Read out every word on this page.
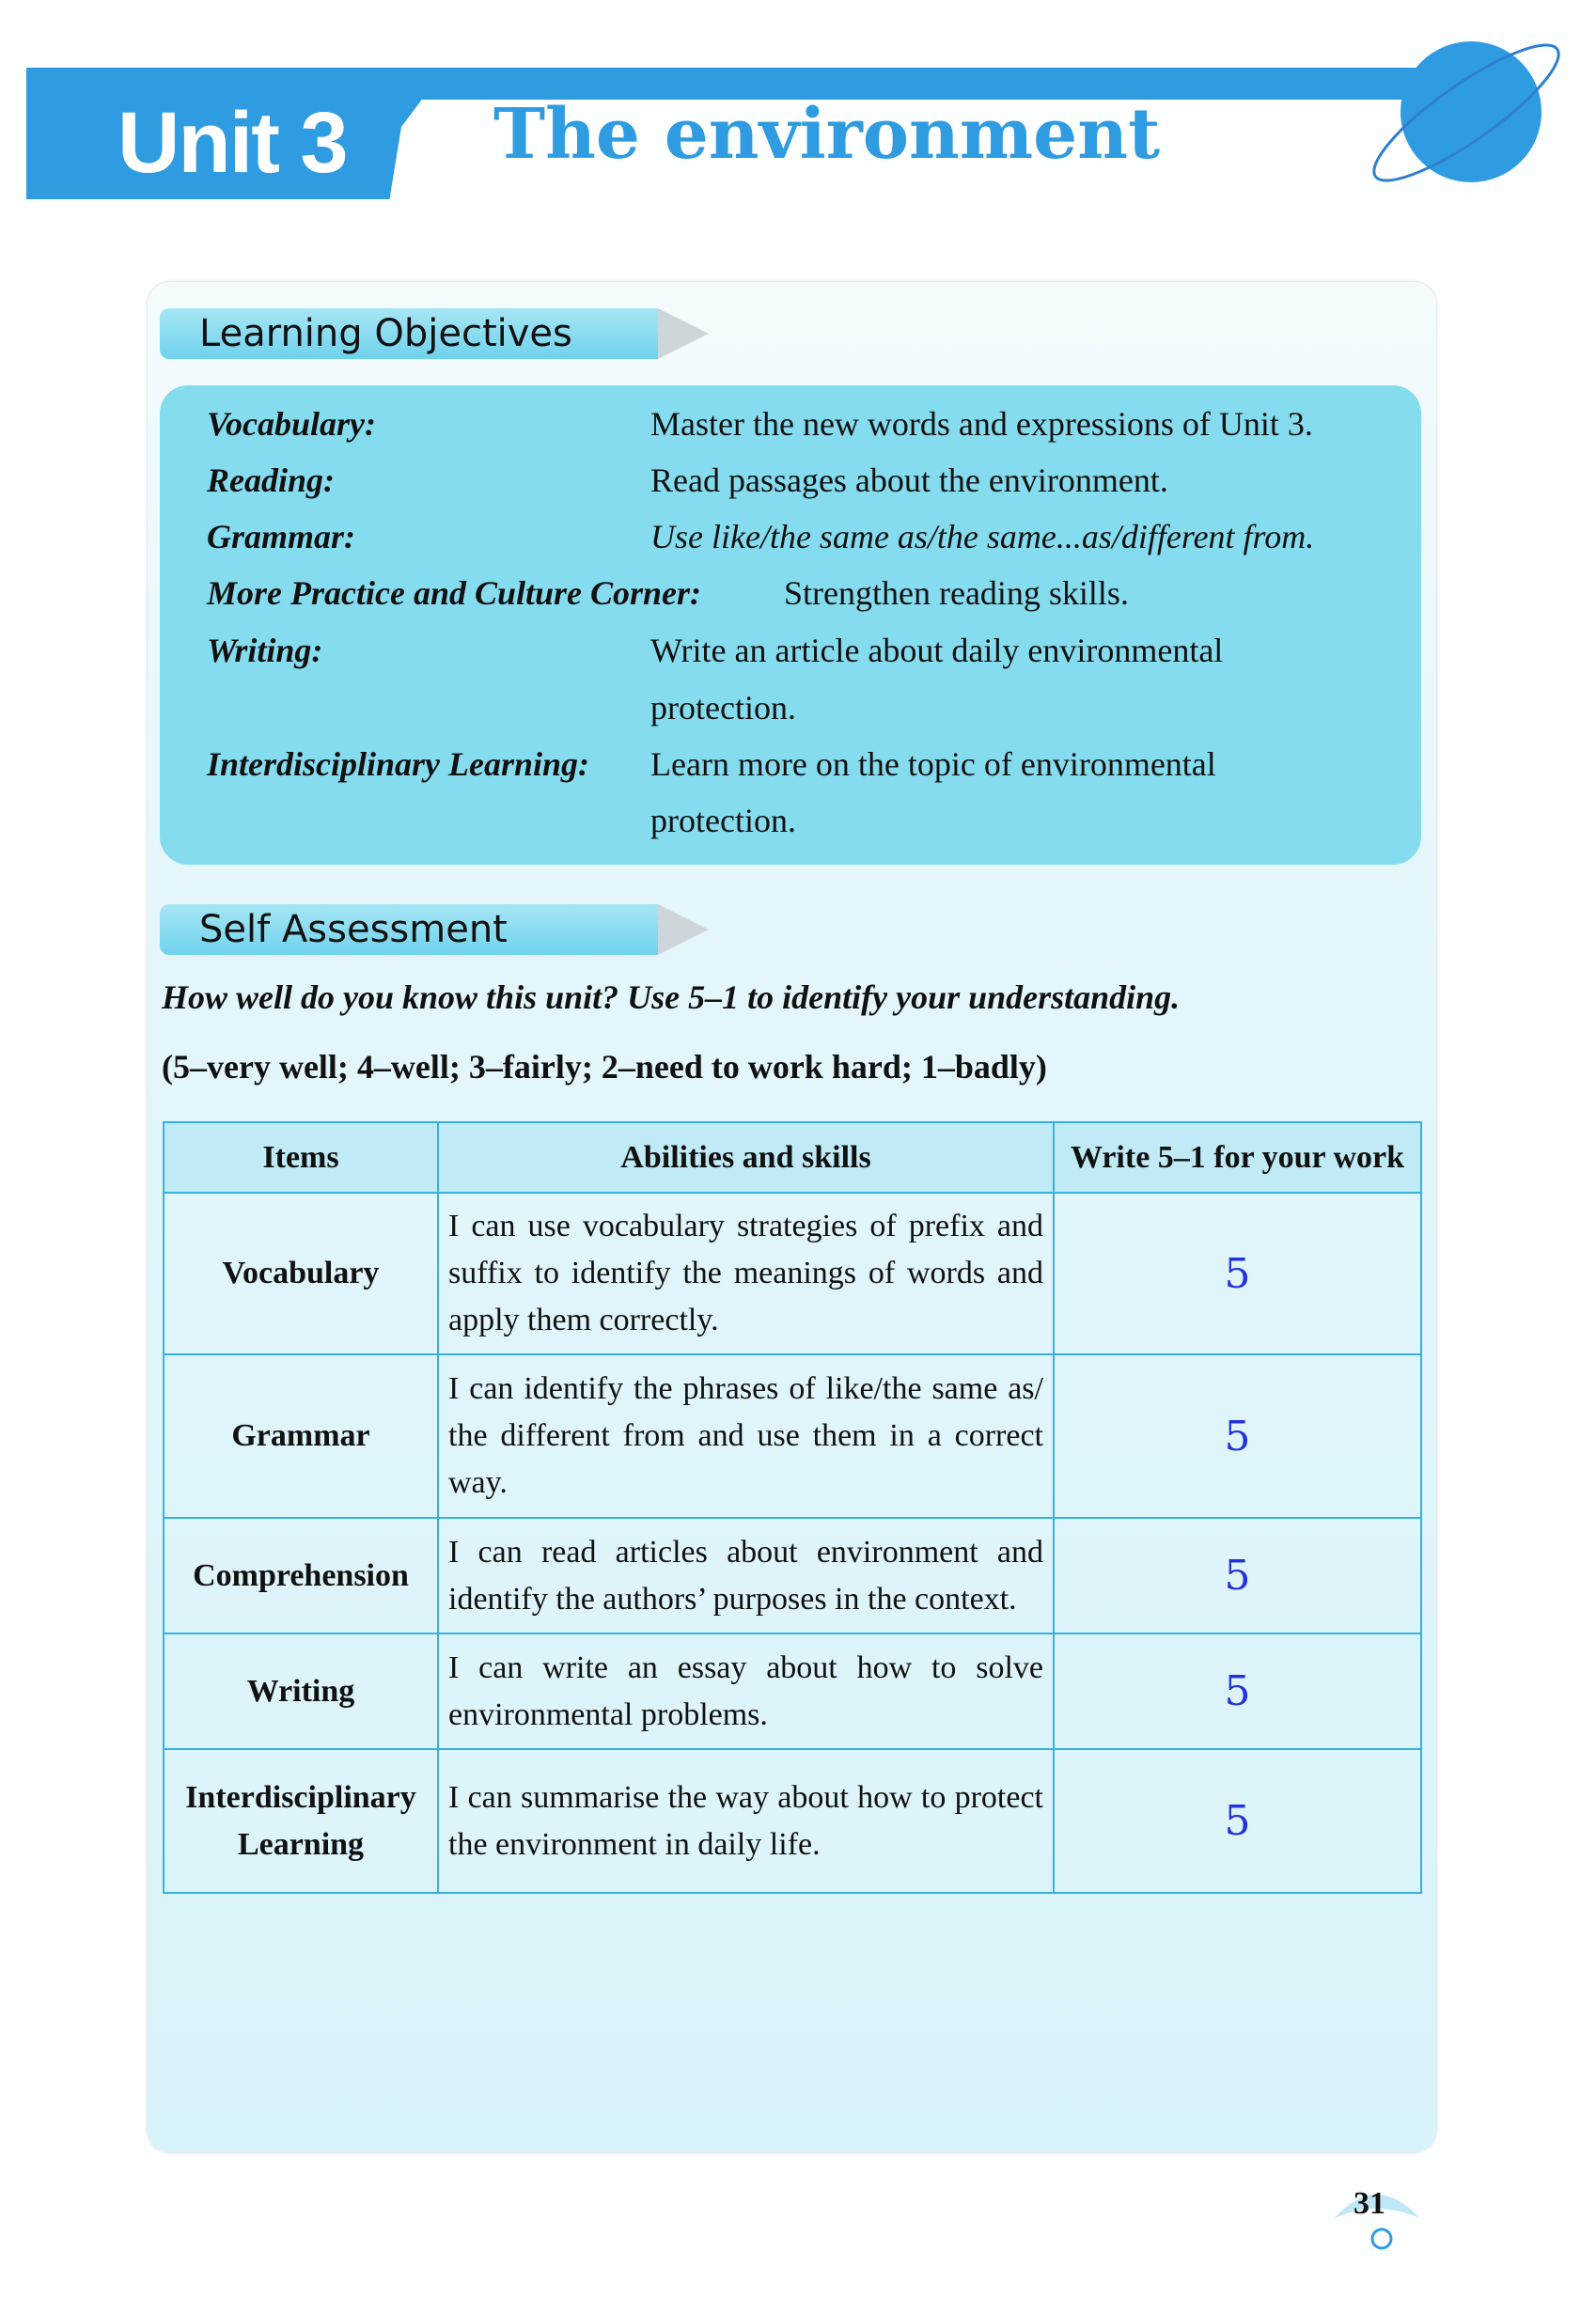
Unit 3 The environment
Learning Objectives
Vocabulary:	Master the new words and expressions of Unit 3.
Reading:	Read passages about the environment.
Grammar:	Use like/the same as/the same...as/different from.
More Practice and Culture Corner: Strengthen reading skills.
Writing:	Write an article about daily environmental
protection.
Interdisciplinary Learning: Learn more on the topic of environmental
protection.
Self Assessment
How well do you know this unit? Use 5–1 to identify your understanding.
(5–very well; 4–well; 3–fairly; 2–need to work hard; 1–badly)
Items	Abilities and skills	Write 5–1 for your work
Vocabulary	I can use vocabulary strategies of prefix and suffix to identify the meanings of words and apply them correctly.	5
Grammar	I can identify the phrases of like/the same as/ the different from and use them in a correct way.	5
Comprehension	I can read articles about environment and identify the authors’ purposes in the context.	5
Writing	I can write an essay about how to solve environmental problems.	5
Interdisciplinary Learning	I can summarise the way about how to protect the environment in daily life.	5
31
